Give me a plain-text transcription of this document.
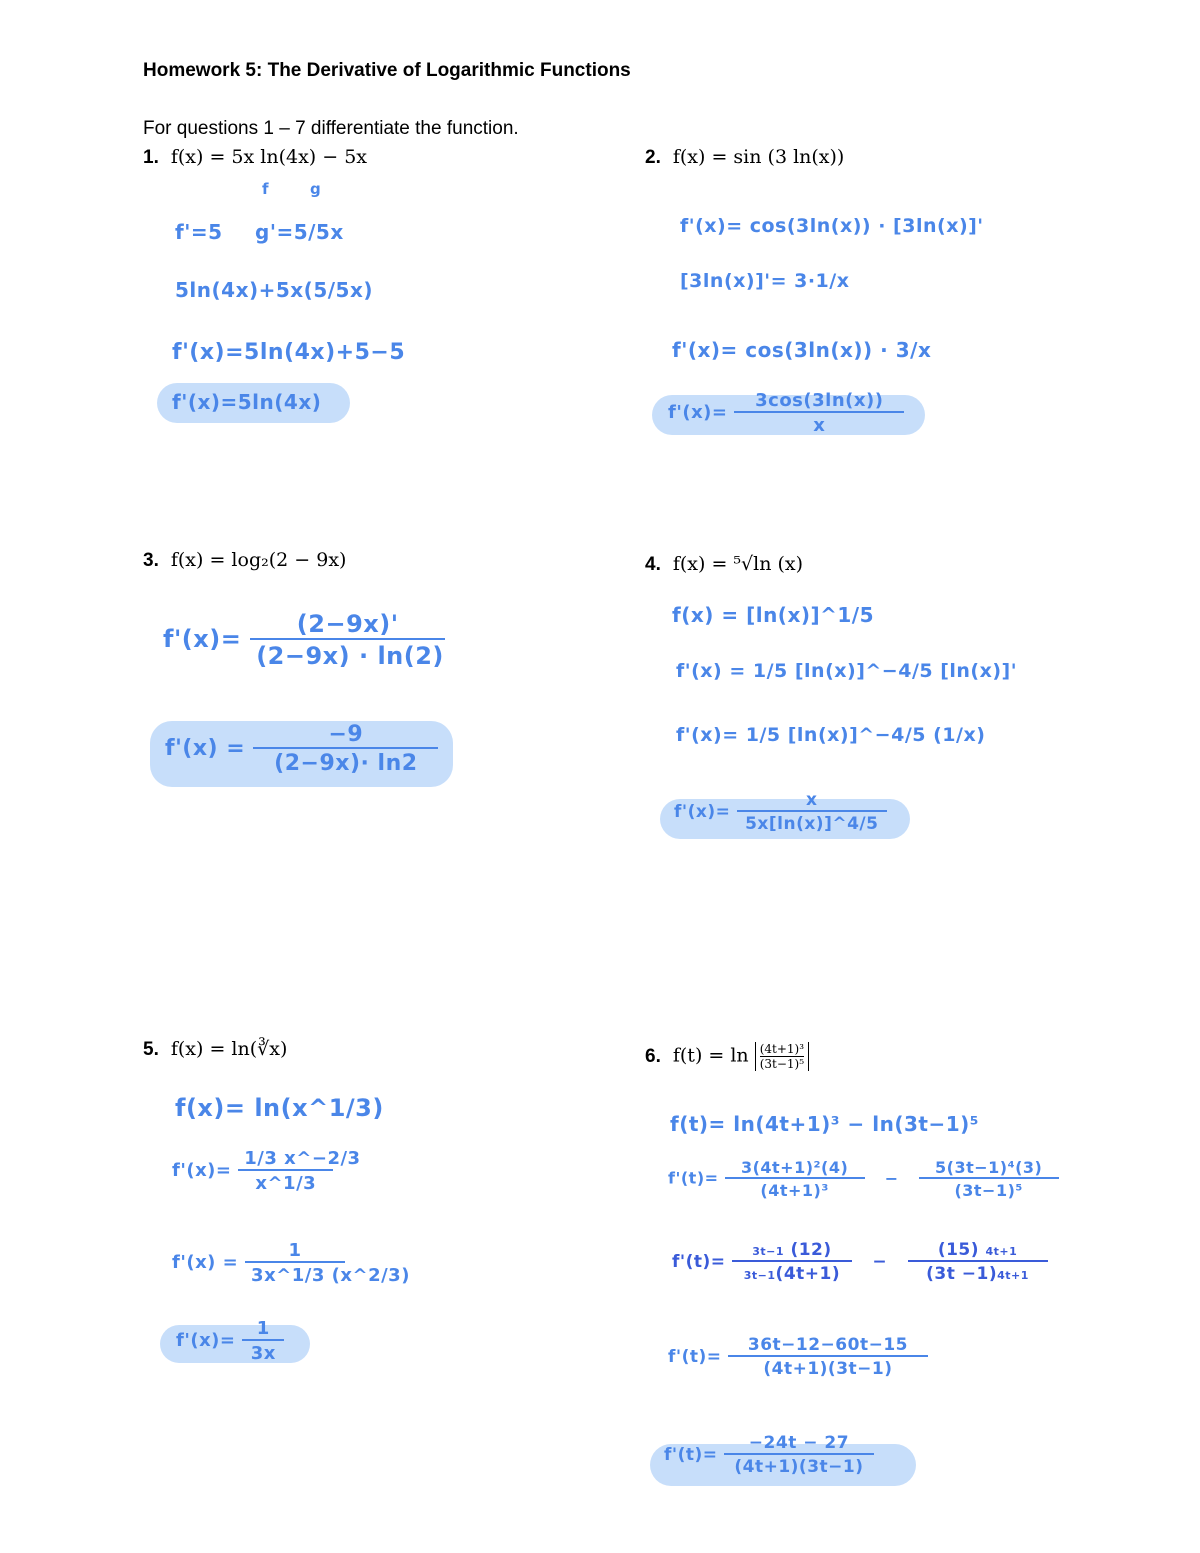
Homework 5: The Derivative of Logarithmic Functions
For questions 1 – 7 differentiate the function.
1. f(x) = 5x ln(4x) − 5x
f	g
f'=5 g'=5/5x
5ln(4x)+5x(5/5x)
f'(x)=5ln(4x)+5−5
f'(x)=5ln(4x)
2. f(x) = sin (3 ln(x))
f'(x)= cos(3ln(x)) · [3ln(x)]'
[3ln(x)]'= 3·1/x
f'(x)= cos(3ln(x)) · 3/x
$f'(x)= \frac{3\cos(3\ln(x))}{x}$
3. f(x) = log₂(2 − 9x)
$f'(x)= \frac{(2-9x)'}{(2-9x) \cdot \ln(2)}$
$f'(x) = \frac{-9}{(2-9x)\cdot \ln 2}$
4. f(x) = ⁵√ln (x)
f(x) = [ln(x)]^1/5
f'(x) = 1/5 [ln(x)]^−4/5 [ln(x)]'
f'(x)= 1/5 [ln(x)]^−4/5 (1/x)
$f'(x)= \frac{x}{5x[\ln(x)]\^{}4/5}$
5. f(x) = ln(∛x)
f(x)= ln(x^1/3)
$f'(x)= \frac{1/3 x\^{}-2/3}{x\^{}1/3}$
$f'(x) = \frac{1}{3x\^{}1/3 (x\^{}2/3)}$
$f'(x)= \frac{1}{3x}$
6. $f(t) = \ln \frac{\text{(4t+1)³}}{\text{(3t−1)⁵}}$
f(t)= ln(4t+1)³ − ln(3t−1)⁵
$f'(t)= \frac{\text{3(4t+1)²(4)}}{\text{(4t+1)³}} - \frac{\text{5(3t−1)⁴(3)}}{\text{(3t−1)⁵}}$
$f'(t)= \frac{3t-1 (12)}{3t-1(4t+1)} - \frac{(15) 4t+1}{(3t -1)4t+1}$
$f'(t)= \frac{36t-12-60t-15}{(4t+1)(3t-1)}$
$f'(t)= \frac{-24t - 27}{(4t+1)(3t-1)}$
